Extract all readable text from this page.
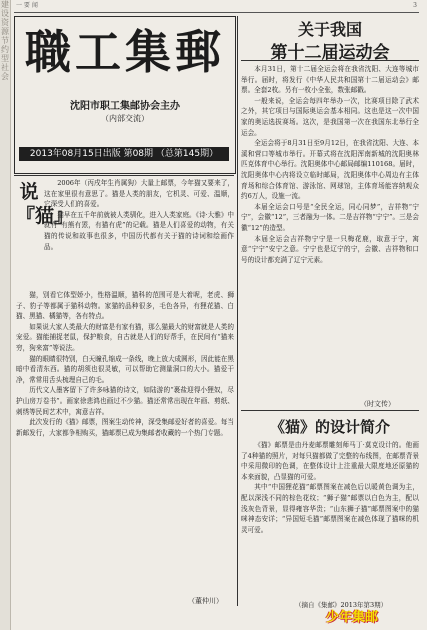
建设资源节约型社会
一 要 闻	3
職工集郵
沈阳市职工集邮协会主办
（内部交流）
2013年08月15日出版 第08期 （总第145期）
关于我国
第十二届运动会

本月31日，第十二届全运会将在我省沈阳、大连等城市举行。届时，将发行《中华人民共和国第十二届运动会》邮票。全套2枚。另有一枚小全张，数张邮戳。

一般来说，全运会每四年举办一次，比赛项目除了武术之外，其它项目与国际奥运会基本相同。这也是这一次中国家的奥运选拔赛场。这次，是我国第一次在我国东北举行全运会。

全运会将于8月31日至9月12日，在我省沈阳、大连、本溪和营口等城市举行。开幕式将在沈阳浑南新城的沈阳奥林匹克体育中心举行。沈阳奥体中心邮局邮编110168。届时，沈阳奥体中心内将设立临时邮局，沈阳奥体中心周边有主体育场和综合体育馆、游泳馆、网球馆，主体育场能容纳观众约6万人，设施一流。

本届全运会口号是“全民全运，同心同梦”，吉祥物“宁宁”，会徽“12”，三者融为一体。二是吉祥物“宁宁”。三是会徽“12”的造型。

本届全运会吉祥物宁宁是一只梅花鹿，取意于宁，寓意“宁宁”安宁之意。宁宁也是辽宁的宁，会徽、吉祥物和口号的设计都充满了辽宁元素。

（时文传）
说『猫』

2006年（丙戌年生肖属狗）大量上邮票，今年猫又要来了，这在家里很有意思了。猫是人类的朋友，它机灵、可爱、温顺，它深受人们的喜爱。

猫早在五千年前就被人类驯化，进入人类家庭。《诗·大雅》中就有“有熊有罴，有猫有虎”的记载。猫是人们喜爱的动物，有关猫的传说和故事也很多，中国历代都有关于猫的诗词和绘画作品。

猫，别看它体型娇小，性格温顺，猫科的范围可是大着呢，老虎、狮子、豹子等都属于猫科动物。家猫的品种很多，毛色各异，有狸花猫、白猫、黑猫、橘猫等，各有特点。

如果说大家人类最大的财富是有家有猫，那么猫最大的财富就是人类的宠爱。猫能捕捉老鼠，保护粮食，自古就是人们的好帮手，在民间有“猫来穷，狗来富”等说法。

猫的眼睛很特别，白天瞳孔缩成一条线，晚上放大成圆形，因此能在黑暗中看清东西。猫的胡须也很灵敏，可以帮助它测量洞口的大小。猫爱干净，常常用舌头梳理自己的毛。

历代文人墨客留下了许多咏猫的诗文，如陆游的“裹盐迎得小狸奴，尽护山房万卷书”。画家徐悲鸿也画过不少猫。猫还常常出现在年画、剪纸、刺绣等民间艺术中，寓意吉祥。

此次发行的《猫》邮票，图案生动传神，深受集邮爱好者的喜爱。每当新邮发行，大家都争相购买，猫邮票已成为集邮者收藏的一个热门专题。

（董仲川）
《猫》的设计简介

《猫》邮票是由丹麦邮票雕刻师马丁·莫克设计的。他画了4种猫的照片，对每只猫都做了完整的布线图，在邮票背景中采用微印的色调，在整体设计上注重最大限度地还原猫的本来面貌，凸显猫的可爱。

其中“中国狸花猫”邮票图案在减色后以暖黄色调为主，配以深浅不同的棕色花纹；“狮子猫”邮票以白色为主，配以浅灰色背景，显得雍容华贵；“山东狮子猫”邮票图案中的猫咪神态安详；“异国短毛猫”邮票图案在减色体现了猫咪的机灵可爱。

（摘自《集邮》2013年第3期）
少年集邮
